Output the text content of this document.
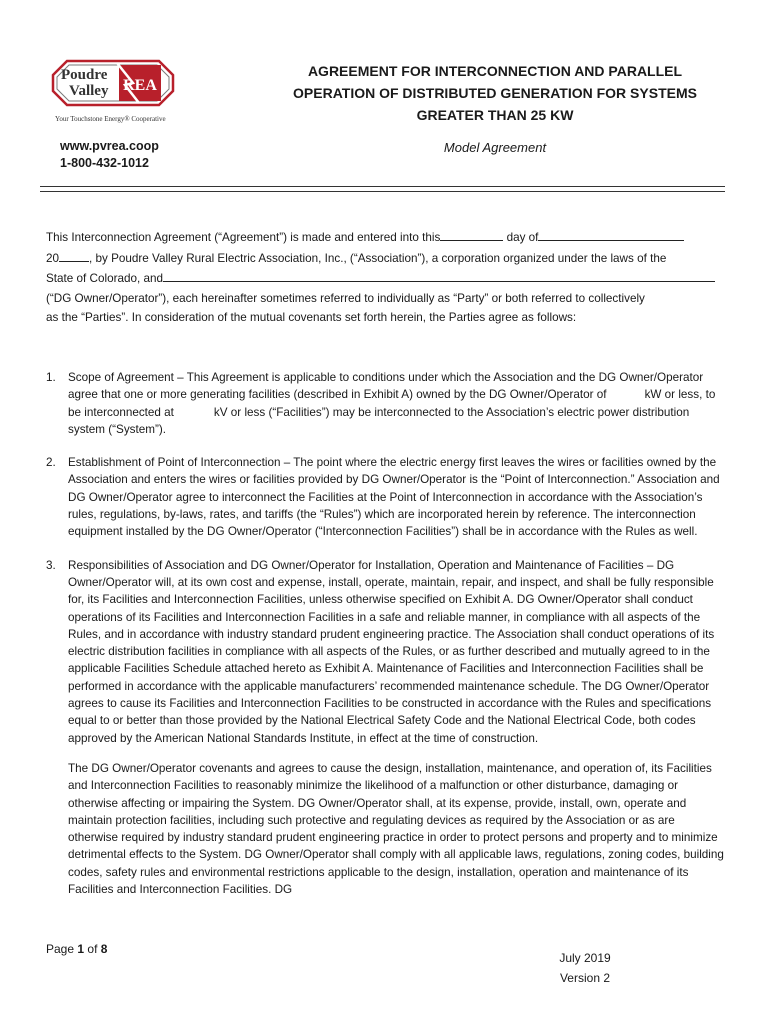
Poudre
Valley REA
Your Touchstone Energy® Cooperative
www.pvrea.coop
1-800-432-1012
AGREEMENT FOR INTERCONNECTION AND PARALLEL
OPERATION OF DISTRIBUTED GENERATION FOR SYSTEMS
GREATER THAN 25 KW
Model Agreement

This Interconnection Agreement (“Agreement”) is made and entered into this	day of

20	, by Poudre Valley Rural Electric Association, Inc., (“Association”), a corporation organized under the laws of the

State of Colorado, and

(“DG Owner/Operator”), each hereinafter sometimes referred to individually as “Party” or both referred to collectively

as the “Parties”. In consideration of the mutual covenants set forth herein, the Parties agree as follows:

1. Scope of Agreement – This Agreement is applicable to conditions under which the Association and the DG Owner/Operator agree that one or more generating facilities (described in Exhibit A) owned by the DG Owner/Operator of	kW or less, to be interconnected at	kV or less (“Facilities”) may be interconnected to the Association’s electric power distribution system (“System”).

2. Establishment of Point of Interconnection – The point where the electric energy first leaves the wires or facilities owned by the Association and enters the wires or facilities provided by DG Owner/Operator is the “Point of Interconnection.” Association and DG Owner/Operator agree to interconnect the Facilities at the Point of Interconnection in accordance with the Association’s rules, regulations, by-laws, rates, and tariffs (the “Rules”) which are incorporated herein by reference. The interconnection equipment installed by the DG Owner/Operator (“Interconnection Facilities”) shall be in accordance with the Rules as well.

3. Responsibilities of Association and DG Owner/Operator for Installation, Operation and Maintenance of Facilities – DG Owner/Operator will, at its own cost and expense, install, operate, maintain, repair, and inspect, and shall be fully responsible for, its Facilities and Interconnection Facilities, unless otherwise specified on Exhibit A. DG Owner/Operator shall conduct operations of its Facilities and Interconnection Facilities in a safe and reliable manner, in compliance with all aspects of the Rules, and in accordance with industry standard prudent engineering practice. The Association shall conduct operations of its electric distribution facilities in compliance with all aspects of the Rules, or as further described and mutually agreed to in the applicable Facilities Schedule attached hereto as Exhibit A. Maintenance of Facilities and Interconnection Facilities shall be performed in accordance with the applicable manufacturers’ recommended maintenance schedule. The DG Owner/Operator agrees to cause its Facilities and Interconnection Facilities to be constructed in accordance with the Rules and specifications equal to or better than those provided by the National Electrical Safety Code and the National Electrical Code, both codes approved by the American National Standards Institute, in effect at the time of construction.

The DG Owner/Operator covenants and agrees to cause the design, installation, maintenance, and operation of, its Facilities and Interconnection Facilities to reasonably minimize the likelihood of a malfunction or other disturbance, damaging or otherwise affecting or impairing the System. DG Owner/Operator shall, at its expense, provide, install, own, operate and maintain protection facilities, including such protective and regulating devices as required by the Association or as are otherwise required by industry standard prudent engineering practice in order to protect persons and property and to minimize detrimental effects to the System. DG Owner/Operator shall comply with all applicable laws, regulations, zoning codes, building codes, safety rules and environmental restrictions applicable to the design, installation, operation and maintenance of its Facilities and Interconnection Facilities. DG

Page 1 of 8
July 2019
Version 2
